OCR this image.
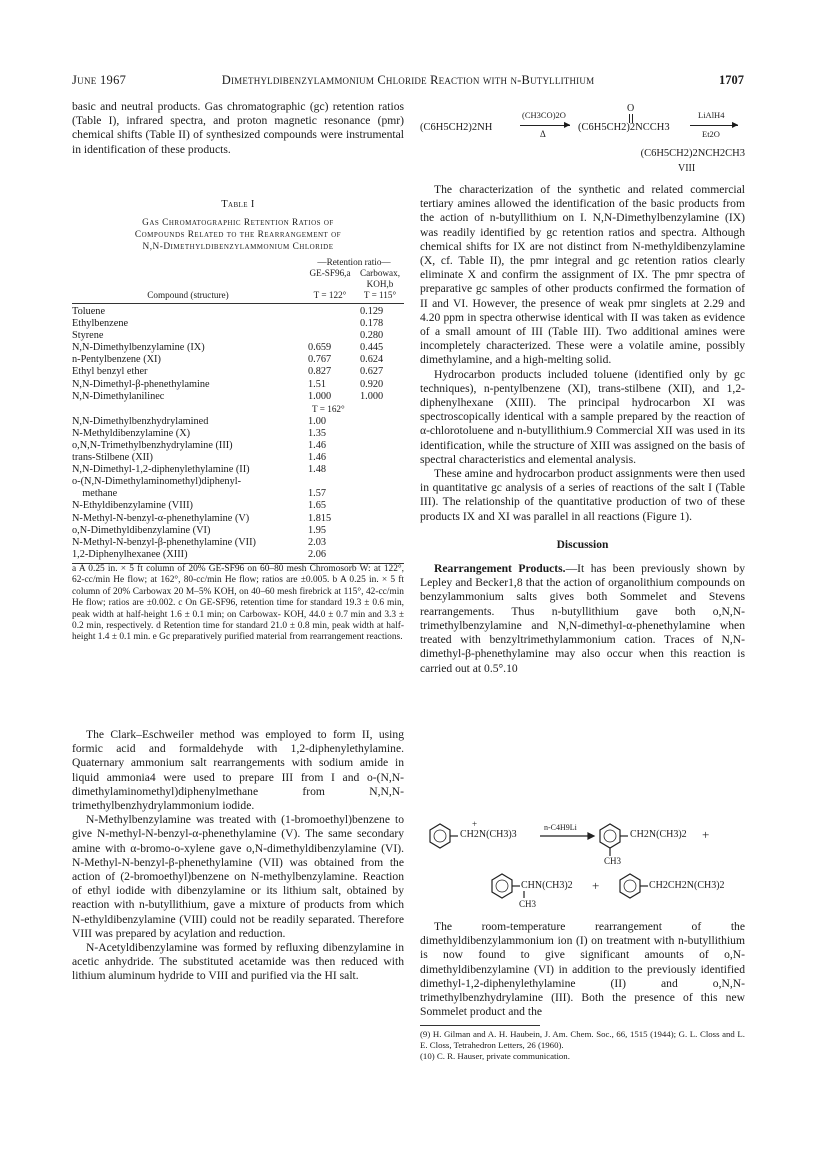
June 1967	Dimethyldibenzylammonium Chloride Reaction with n-Butyllithium	1707

basic and neutral products. Gas chromatographic (gc) retention ratios (Table I), infrared spectra, and proton magnetic resonance (pmr) chemical shifts (Table II) of synthesized compounds were instrumental in identification of these products.

Table I
Gas Chromatographic Retention Ratios of
Compounds Related to the Rearrangement of
N,N-Dimethyldibenzylammonium Chloride
—Retention ratio—
GE-SF96,a	Carbowax, KOH,b
Compound (structure)	T = 122°	T = 115°
Toluene		0.129
Ethylbenzene		0.178
Styrene		0.280
N,N-Dimethylbenzylamine (IX)	0.659	0.445
n-Pentylbenzene (XI)	0.767	0.624
Ethyl benzyl ether	0.827	0.627
N,N-Dimethyl-β-phenethylamine	1.51	0.920
N,N-Dimethylanilinec	1.000	1.000
T = 162°
N,N-Dimethylbenzhydrylamined	1.00	
N-Methyldibenzylamine (X)	1.35	
o,N,N-Trimethylbenzhydrylamine (III)	1.46	
trans-Stilbene (XII)	1.46	
N,N-Dimethyl-1,2-diphenylethylamine (II)	1.48	
o-(N,N-Dimethylaminomethyl)diphenyl-		
methane	1.57	
N-Ethyldibenzylamine (VIII)	1.65	
N-Methyl-N-benzyl-α-phenethylamine (V)	1.815	
o,N-Dimethyldibenzylamine (VI)	1.95	
N-Methyl-N-benzyl-β-phenethylamine (VII)	2.03	
1,2-Diphenylhexanee (XIII)	2.06	
a A 0.25 in. × 5 ft column of 20% GE-SF96 on 60–80 mesh Chromosorb W: at 122°, 62-cc/min He flow; at 162°, 80-cc/min He flow; ratios are ±0.005. b A 0.25 in. × 5 ft column of 20% Carbowax 20 M–5% KOH, on 40–60 mesh firebrick at 115°, 42-cc/min He flow; ratios are ±0.002. c On GE-SF96, retention time for standard 19.3 ± 0.6 min, peak width at half-height 1.6 ± 0.1 min; on Carbowax- KOH, 44.0 ± 0.7 min and 3.3 ± 0.2 min, respectively. d Retention time for standard 21.0 ± 0.8 min, peak width at half-height 1.4 ± 0.1 min. e Gc preparatively purified material from rearrangement reactions.

The Clark–Eschweiler method was employed to form II, using formic acid and formaldehyde with 1,2-diphenylethylamine. Quaternary ammonium salt rearrangements with sodium amide in liquid ammonia4 were used to prepare III from I and o-(N,N-dimethylaminomethyl)diphenylmethane from N,N,N-trimethylbenzhydrylammonium iodide.

N-Methylbenzylamine was treated with (1-bromoethyl)benzene to give N-methyl-N-benzyl-α-phenethylamine (V). The same secondary amine with α-bromo-o-xylene gave o,N-dimethyldibenzylamine (VI). N-Methyl-N-benzyl-β-phenethylamine (VII) was obtained from the action of (2-bromoethyl)benzene on N-methylbenzylamine. Reaction of ethyl iodide with dibenzylamine or its lithium salt, obtained by reaction with n-butyllithium, gave a mixture of products from which N-ethyldibenzylamine (VIII) could not be readily separated. Therefore VIII was prepared by acylation and reduction.

N-Acetyldibenzylamine was formed by refluxing dibenzylamine in acetic anhydride. The substituted acetamide was then reduced with lithium aluminum hydride to VIII and purified via the HI salt.

(C6H5CH2)2NH
(CH3CO)2O
▶
Δ
O
(C6H5CH2)2NCCH3
LiAlH4
▶
Et2O
(C6H5CH2)2NCH2CH3
VIII

The characterization of the synthetic and related commercial tertiary amines allowed the identification of the basic products from the action of n-butyllithium on I. N,N-Dimethylbenzylamine (IX) was readily identified by gc retention ratios and spectra. Although chemical shifts for IX are not distinct from N-methyldibenzylamine (X, cf. Table II), the pmr integral and gc retention ratios clearly eliminate X and confirm the assignment of IX. The pmr spectra of preparative gc samples of other products confirmed the formation of II and VI. However, the presence of weak pmr singlets at 2.29 and 4.20 ppm in spectra otherwise identical with II was taken as evidence of a small amount of III (Table III). Two additional amines were incompletely characterized. These were a volatile amine, possibly dimethylamine, and a high-melting solid.

Hydrocarbon products included toluene (identified only by gc techniques), n-pentylbenzene (XI), trans-stilbene (XII), and 1,2-diphenylhexane (XIII). The principal hydrocarbon XI was spectroscopically identical with a sample prepared by the reaction of α-chlorotoluene and n-butyllithium.9 Commercial XII was used in its identification, while the structure of XIII was assigned on the basis of spectral characteristics and elemental analysis.

These amine and hydrocarbon product assignments were then used in quantitative gc analysis of a series of reactions of the salt I (Table III). The relationship of the quantitative production of two of these products IX and XI was parallel in all reactions (Figure 1).

Discussion

Rearrangement Products.—It has been previously shown by Lepley and Becker1,8 that the action of organolithium compounds on benzylammonium salts gives both Sommelet and Stevens rearrangements. Thus n-butyllithium gave both o,N,N-trimethylbenzylamine and N,N-dimethyl-α-phenethylamine when treated with benzyltrimethylammonium cation. Traces of N,N-dimethyl-β-phenethylamine may also occur when this reaction is carried out at 0.5°.10

CH2N(CH3)3
+	n-C4H9Li
CH2N(CH3)2 +
CH3
CHN(CH3)2 +
CH3
CH2CH2N(CH3)2

The room-temperature rearrangement of the dimethyldibenzylammonium ion (I) on treatment with n-butyllithium is now found to give significant amounts of o,N-dimethyldibenzylamine (VI) in addition to the previously identified dimethyl-1,2-diphenylethylamine (II) and o,N,N-trimethylbenzhydrylamine (III). Both the presence of this new Sommelet product and the

(9) H. Gilman and A. H. Haubein, J. Am. Chem. Soc., 66, 1515 (1944); G. L. Closs and L. E. Closs, Tetrahedron Letters, 26 (1960).
(10) C. R. Hauser, private communication.
